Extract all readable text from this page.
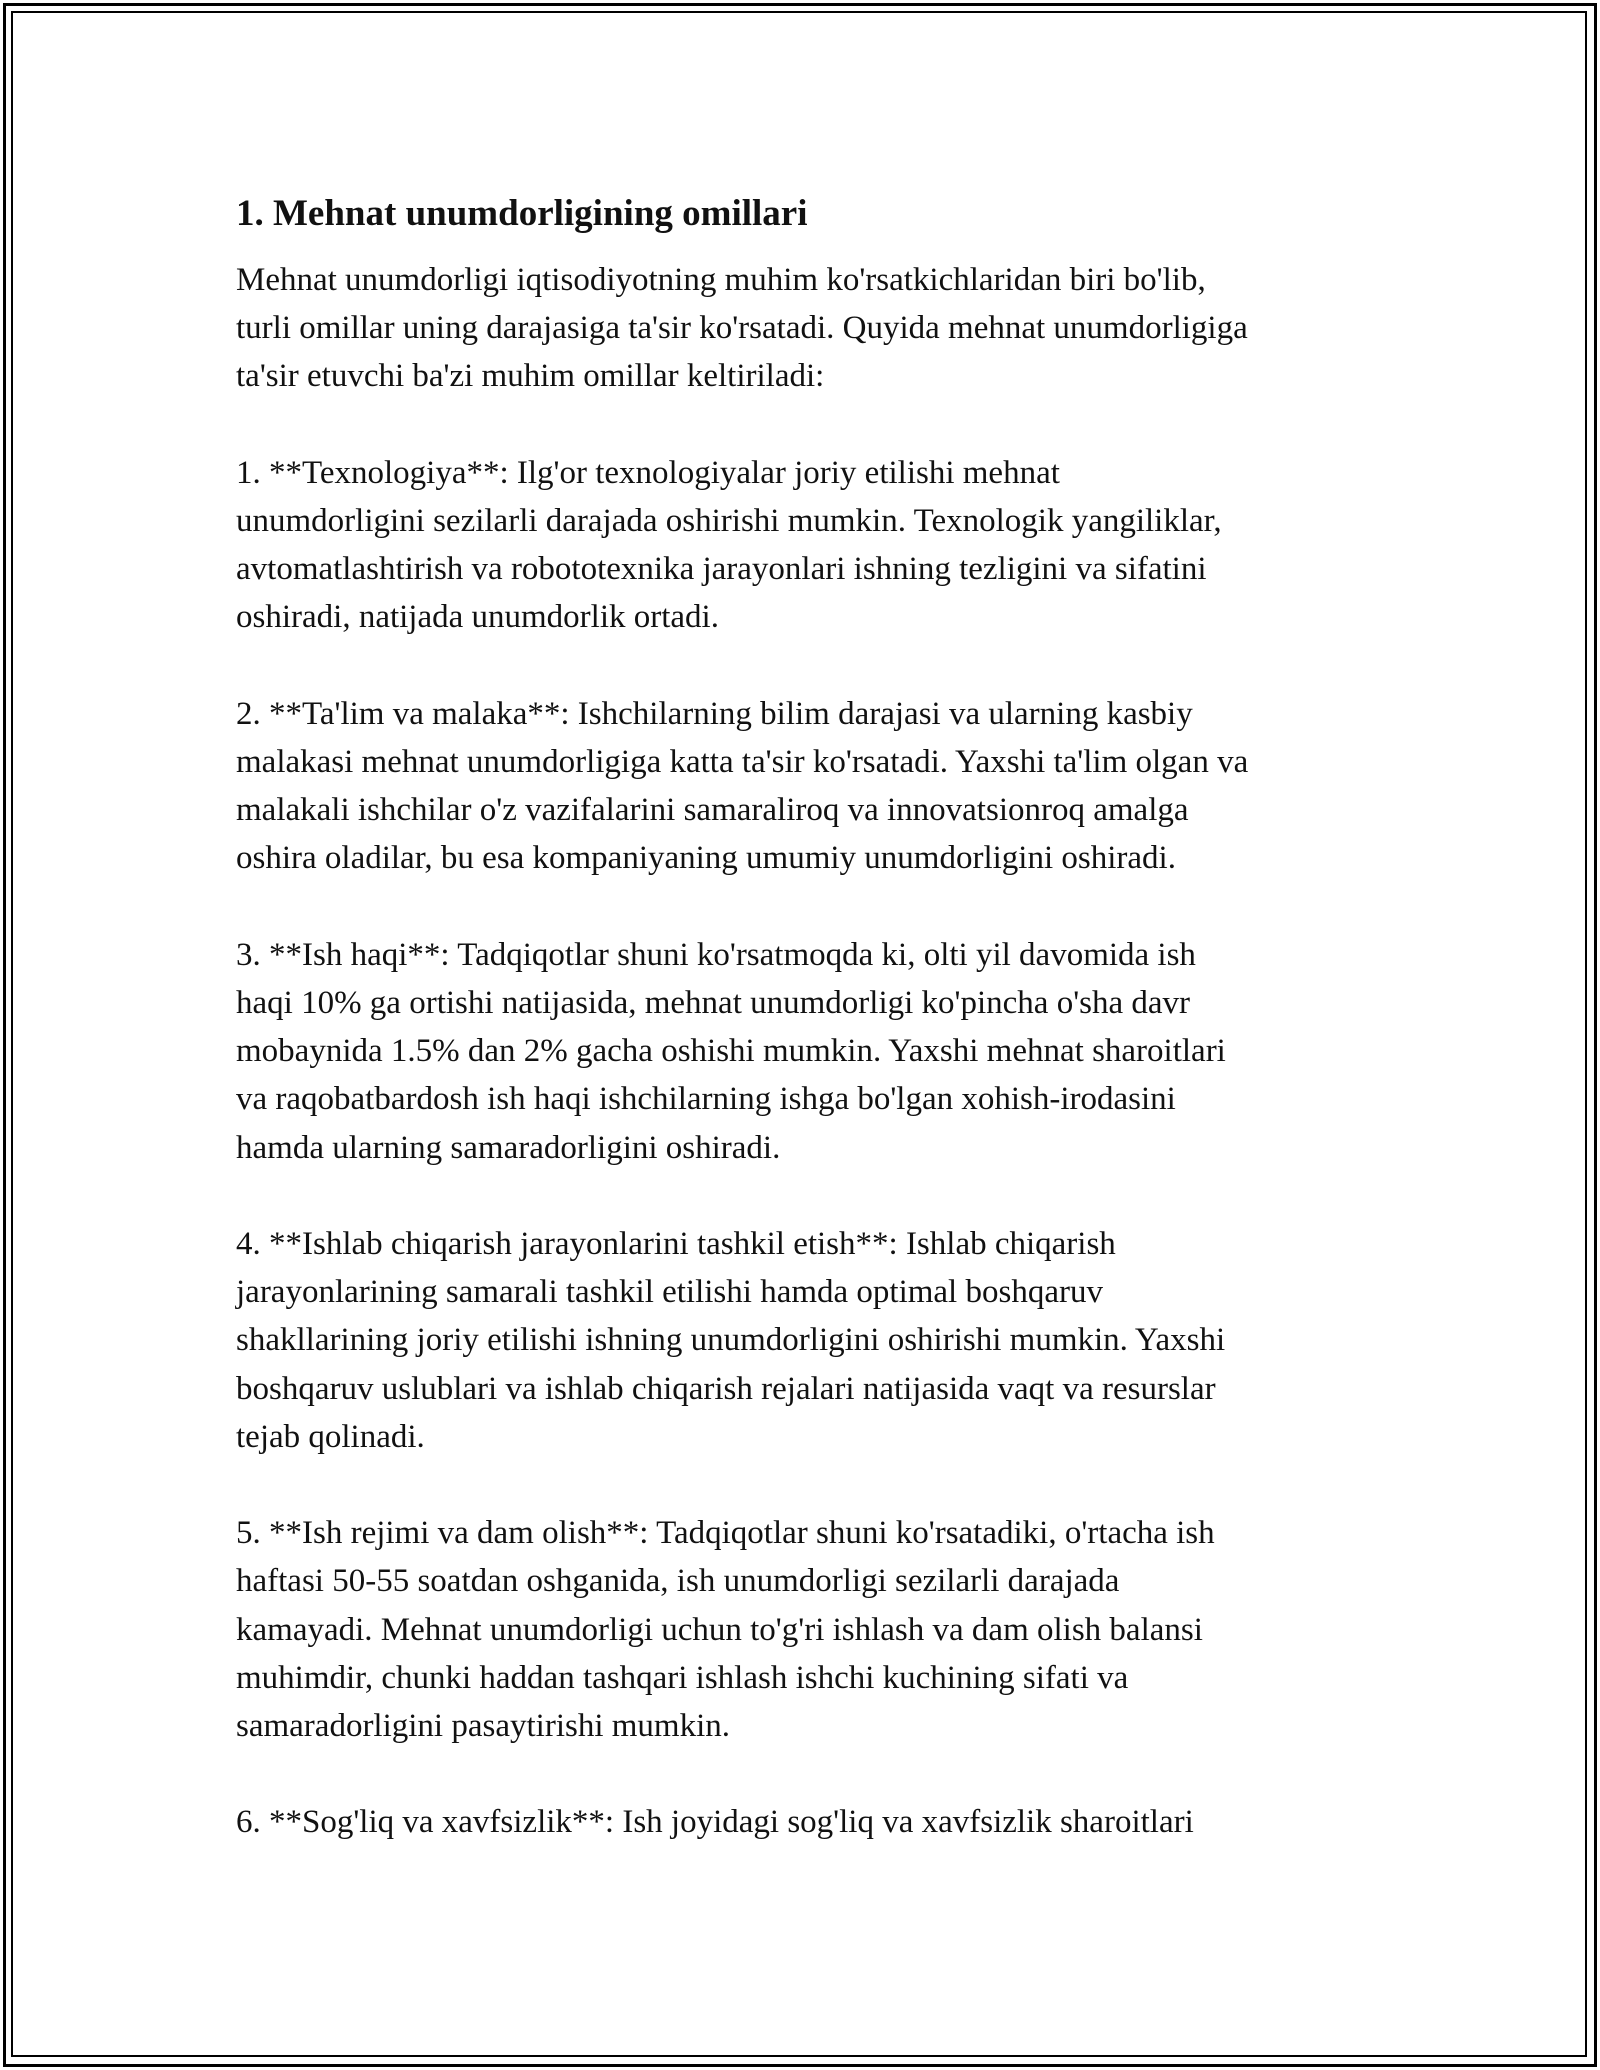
1. Mehnat unumdorligining omillari

Mehnat unumdorligi iqtisodiyotning muhim ko'rsatkichlaridan biri bo'lib,
turli omillar uning darajasiga ta'sir ko'rsatadi. Quyida mehnat unumdorligiga
ta'sir etuvchi ba'zi muhim omillar keltiriladi:

1. **Texnologiya**: Ilg'or texnologiyalar joriy etilishi mehnat
unumdorligini sezilarli darajada oshirishi mumkin. Texnologik yangiliklar,
avtomatlashtirish va robototexnika jarayonlari ishning tezligini va sifatini
oshiradi, natijada unumdorlik ortadi.

2. **Ta'lim va malaka**: Ishchilarning bilim darajasi va ularning kasbiy
malakasi mehnat unumdorligiga katta ta'sir ko'rsatadi. Yaxshi ta'lim olgan va
malakali ishchilar o'z vazifalarini samaraliroq va innovatsionroq amalga
oshira oladilar, bu esa kompaniyaning umumiy unumdorligini oshiradi.

3. **Ish haqi**: Tadqiqotlar shuni ko'rsatmoqda ki, olti yil davomida ish
haqi 10% ga ortishi natijasida, mehnat unumdorligi ko'pincha o'sha davr
mobaynida 1.5% dan 2% gacha oshishi mumkin. Yaxshi mehnat sharoitlari
va raqobatbardosh ish haqi ishchilarning ishga bo'lgan xohish-irodasini
hamda ularning samaradorligini oshiradi.

4. **Ishlab chiqarish jarayonlarini tashkil etish**: Ishlab chiqarish
jarayonlarining samarali tashkil etilishi hamda optimal boshqaruv
shakllarining joriy etilishi ishning unumdorligini oshirishi mumkin. Yaxshi
boshqaruv uslublari va ishlab chiqarish rejalari natijasida vaqt va resurslar
tejab qolinadi.

5. **Ish rejimi va dam olish**: Tadqiqotlar shuni ko'rsatadiki, o'rtacha ish
haftasi 50-55 soatdan oshganida, ish unumdorligi sezilarli darajada
kamayadi. Mehnat unumdorligi uchun to'g'ri ishlash va dam olish balansi
muhimdir, chunki haddan tashqari ishlash ishchi kuchining sifati va
samaradorligini pasaytirishi mumkin.

6. **Sog'liq va xavfsizlik**: Ish joyidagi sog'liq va xavfsizlik sharoitlari
